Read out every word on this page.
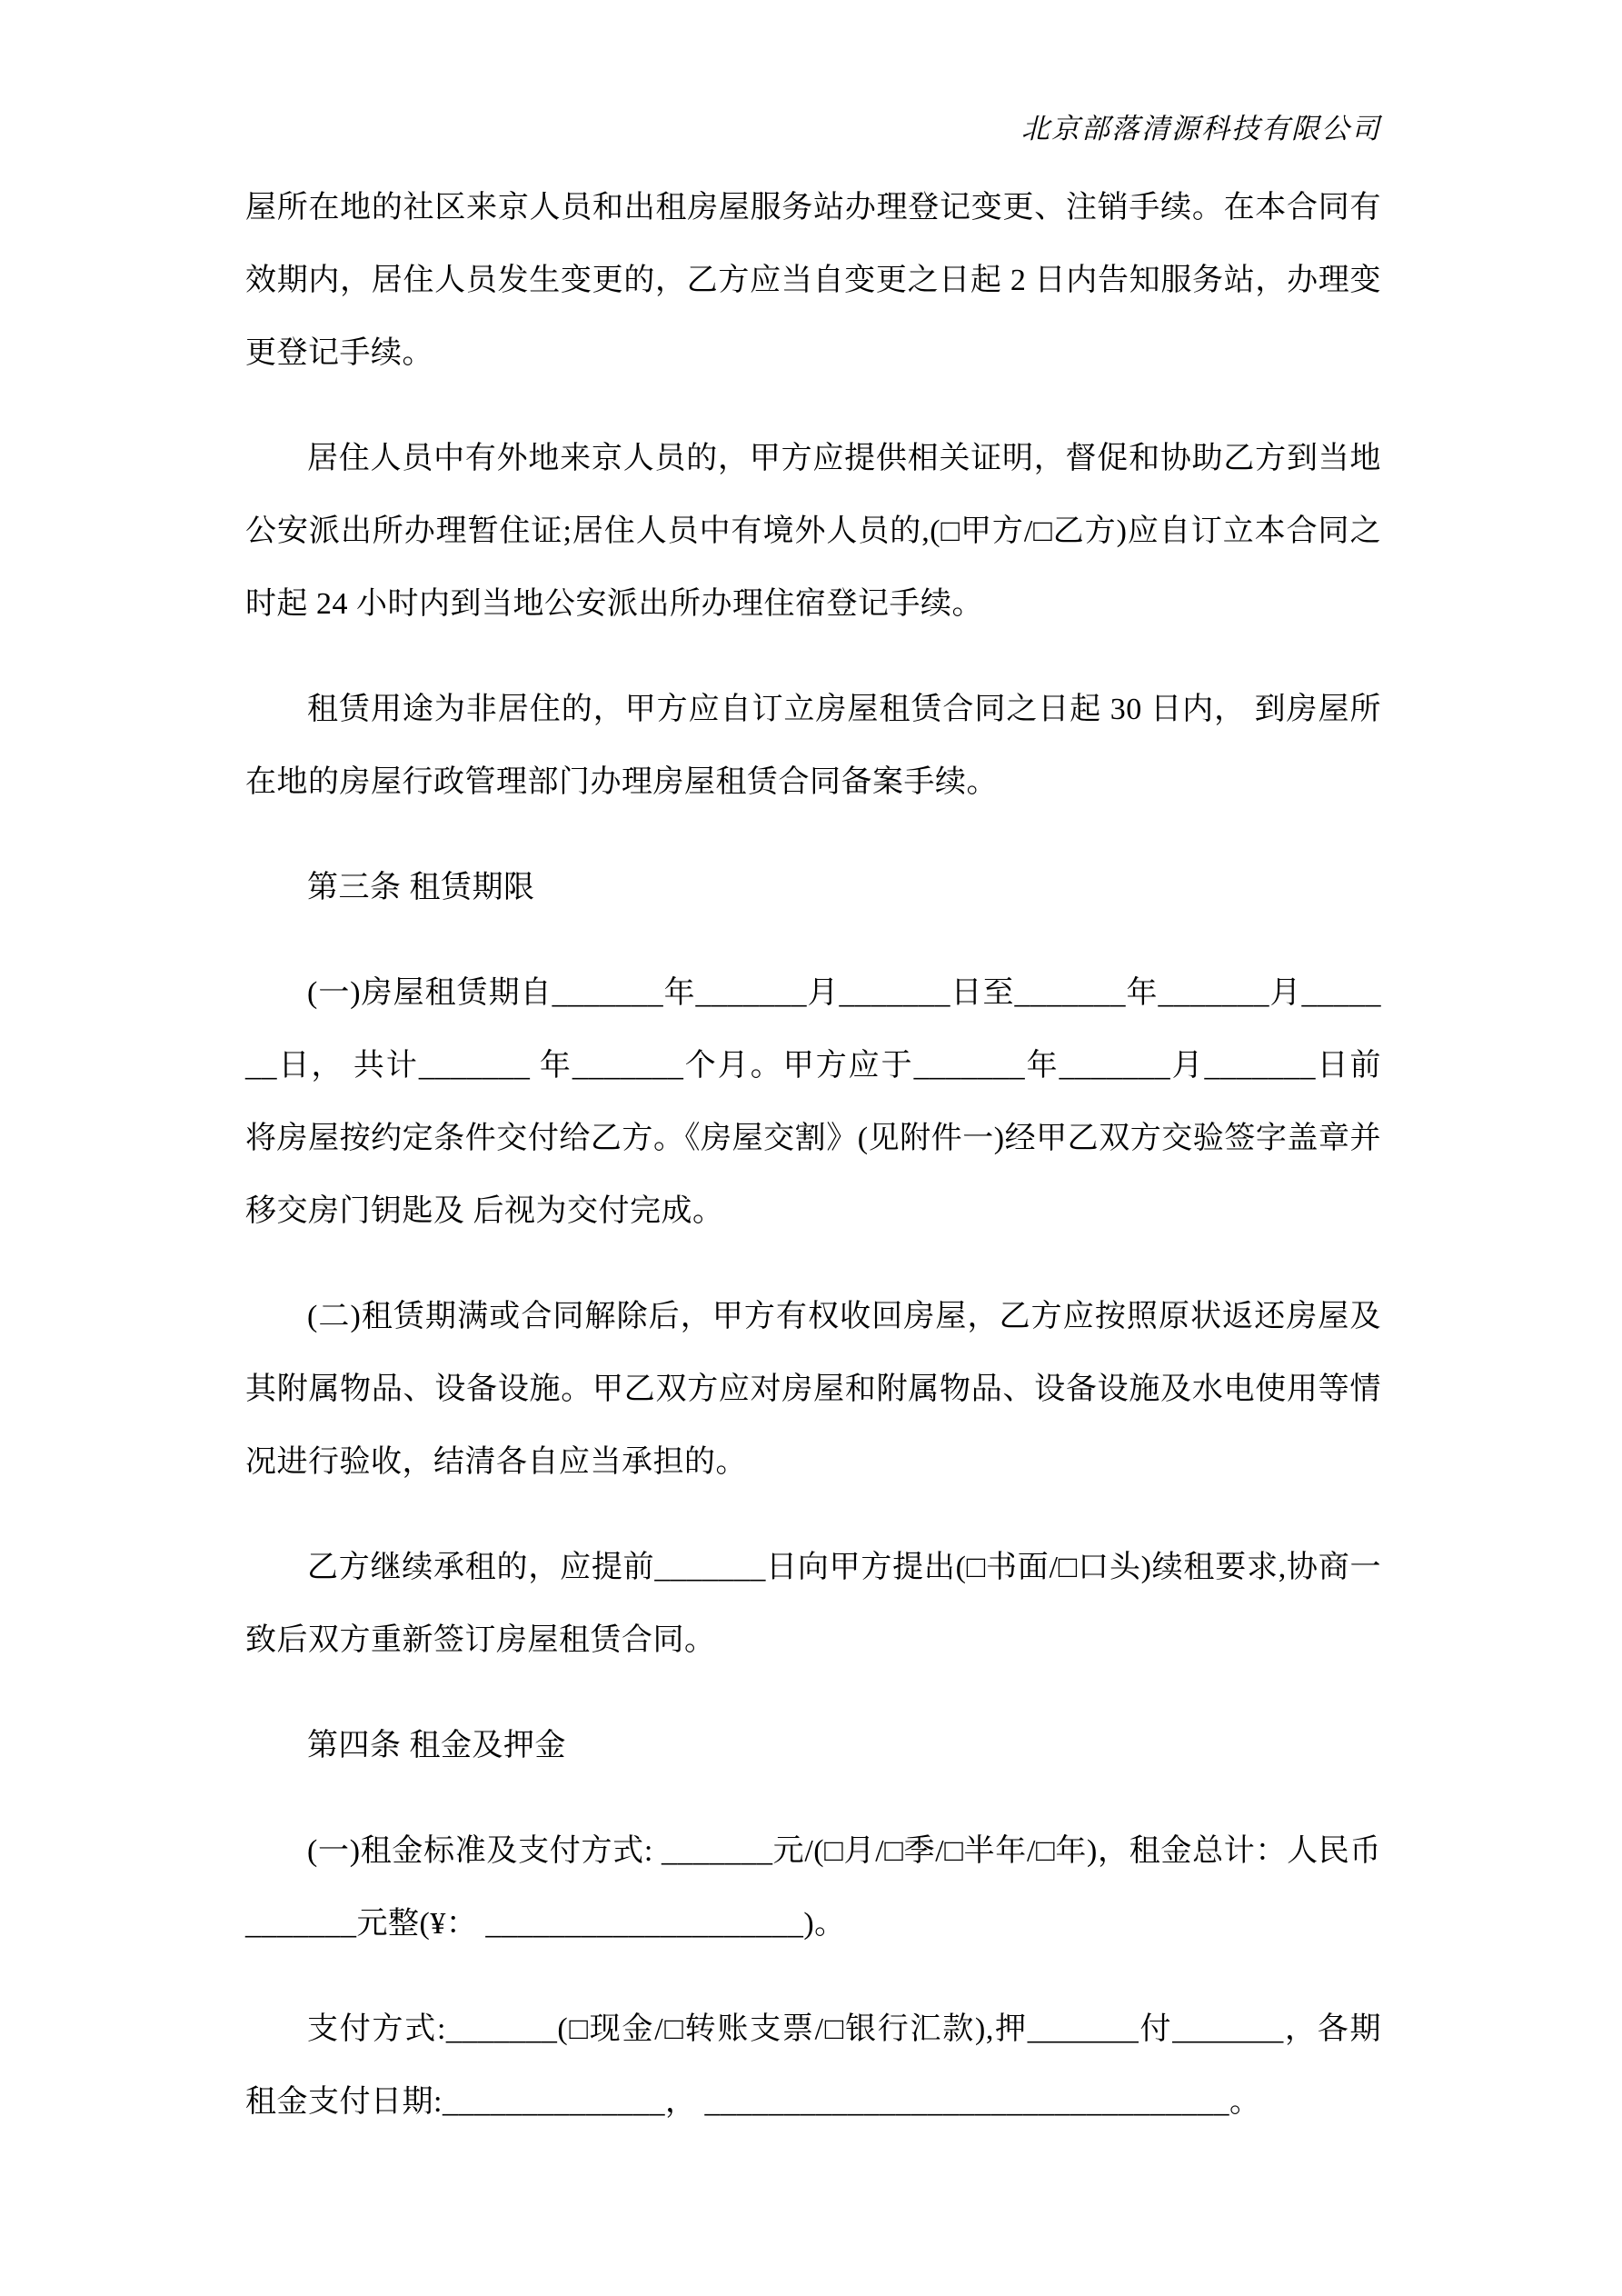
北京部落清源科技有限公司

屋所在地的社区来京人员和出租房屋服务站办理登记变更、注销手续。在本合同有效期内，居住人员发生变更的，乙方应当自变更之日起 2 日内告知服务站，办理变更登记手续。

居住人员中有外地来京人员的，甲方应提供相关证明，督促和协助乙方到当地公安派出所办理暂住证;居住人员中有境外人员的,(□甲方/□乙方)应自订立本合同之时起 24 小时内到当地公安派出所办理住宿登记手续。

租赁用途为非居住的，甲方应自订立房屋租赁合同之日起 30 日内， 到房屋所在地的房屋行政管理部门办理房屋租赁合同备案手续。

第三条 租赁期限

(一)房屋租赁期自_______年_______月_______日至_______年_______月_______日， 共计_______ 年_______个月。甲方应于_______年_______月_______日前将房屋按约定条件交付给乙方。《房屋交割》(见附件一)经甲乙双方交验签字盖章并移交房门钥匙及 后视为交付完成。

(二)租赁期满或合同解除后，甲方有权收回房屋，乙方应按照原状返还房屋及其附属物品、设备设施。甲乙双方应对房屋和附属物品、设备设施及水电使用等情况进行验收，结清各自应当承担的。

乙方继续承租的，应提前_______日向甲方提出(□书面/□口头)续租要求,协商一致后双方重新签订房屋租赁合同。

第四条 租金及押金

(一)租金标准及支付方式: _______元/(□月/□季/□半年/□年)，租金总计：人民币_______元整(¥： ____________________)。

支付方式:_______(□现金/□转账支票/□银行汇款),押_______付_______，各期租金支付日期:______________， _________________________________。
